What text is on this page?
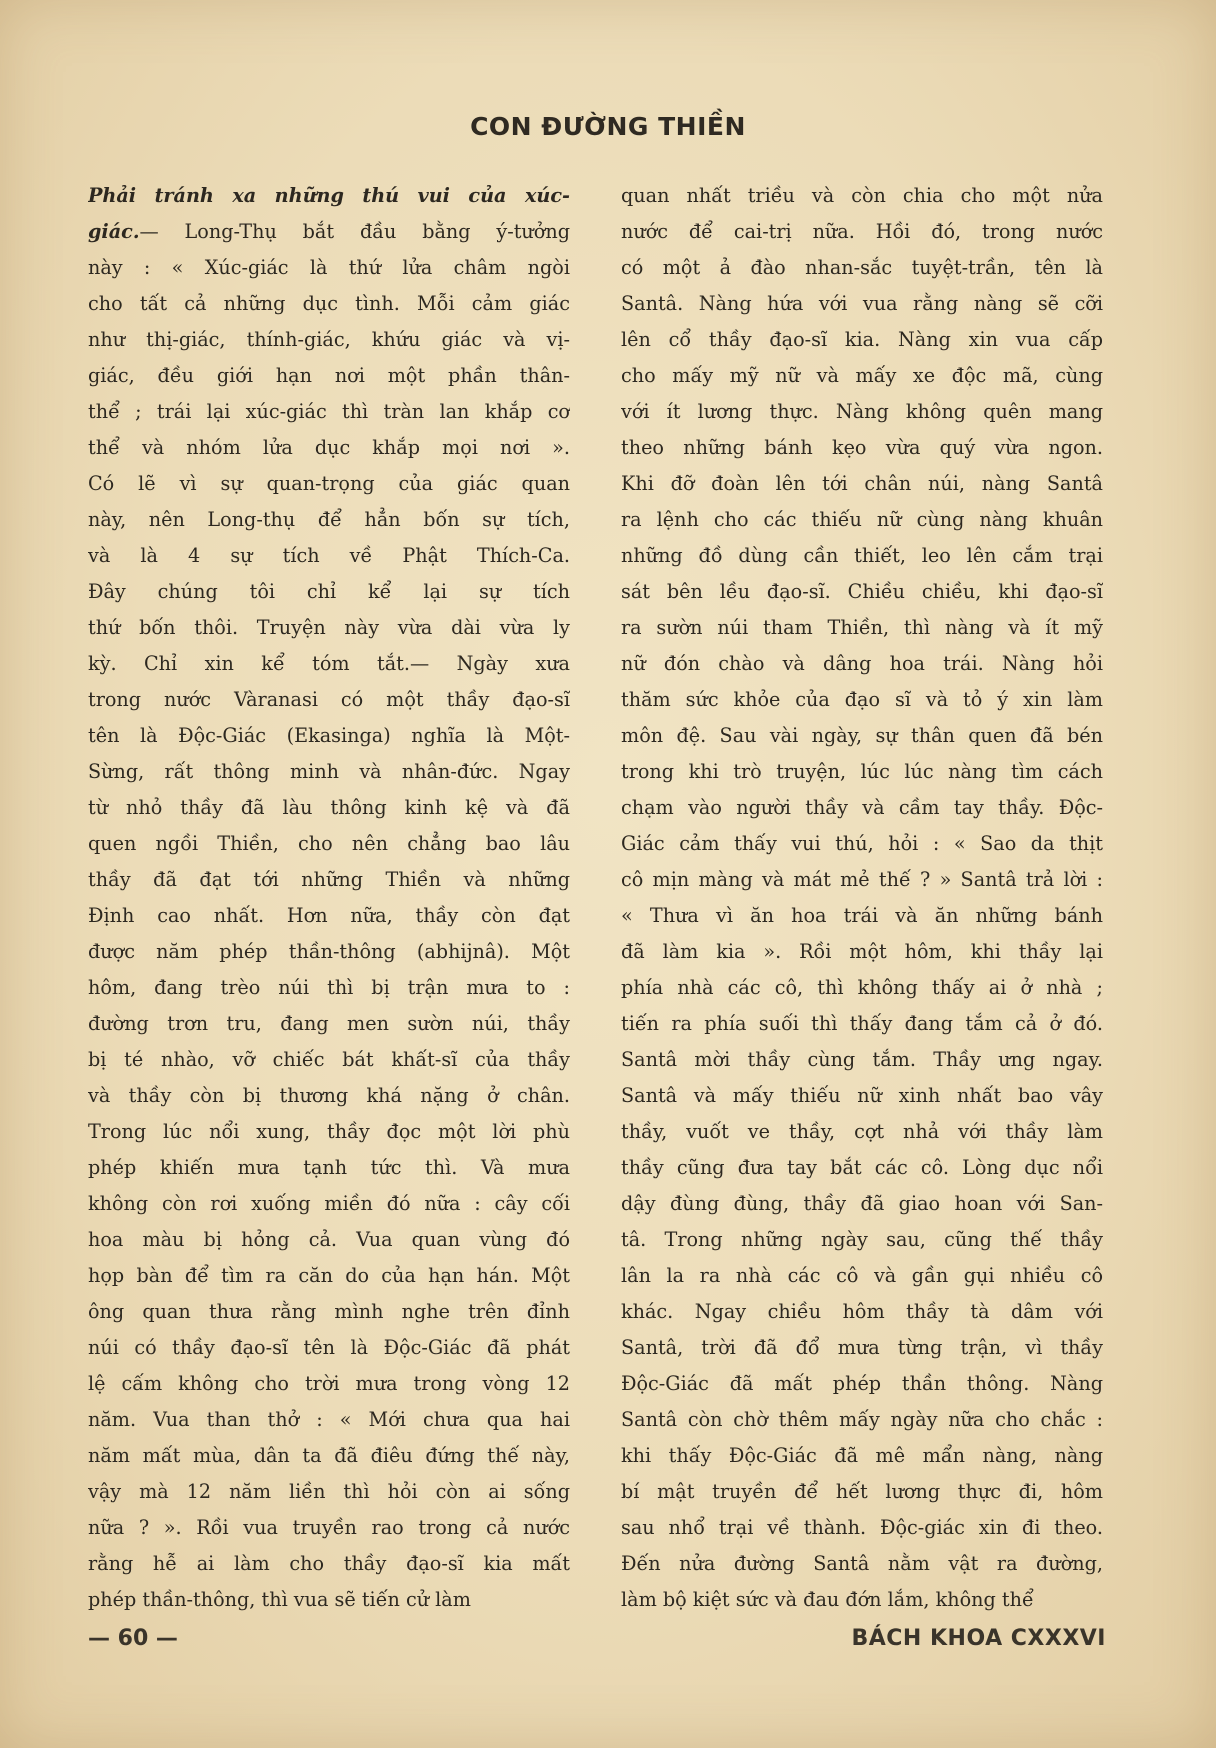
CON ĐƯỜNG THIỀN
Phải tránh xa những thú vui của xúc-
giác.— Long-Thụ bắt đầu bằng ý-tưởng
này : « Xúc-giác là thứ lửa châm ngòi
cho tất cả những dục tình. Mỗi cảm giác
như thị-giác, thính-giác, khứu giác và vị-
giác, đều giới hạn nơi một phần thân-
thể ; trái lại xúc-giác thì tràn lan khắp cơ
thể và nhóm lửa dục khắp mọi nơi ».
Có lẽ vì sự quan-trọng của giác quan
này, nên Long-thụ để hẳn bốn sự tích,
và là 4 sự tích về Phật Thích-Ca.
Đây chúng tôi chỉ kể lại sự tích
thứ bốn thôi. Truyện này vừa dài vừa ly
kỳ. Chỉ xin kể tóm tắt.— Ngày xưa
trong nước Vàranasi có một thầy đạo-sĩ
tên là Độc-Giác (Ekasinga) nghĩa là Một-
Sừng, rất thông minh và nhân-đức. Ngay
từ nhỏ thầy đã làu thông kinh kệ và đã
quen ngồi Thiền, cho nên chẳng bao lâu
thầy đã đạt tới những Thiền và những
Định cao nhất. Hơn nữa, thầy còn đạt
được năm phép thần-thông (abhijnâ). Một
hôm, đang trèo núi thì bị trận mưa to :
đường trơn tru, đang men sườn núi, thầy
bị té nhào, vỡ chiếc bát khất-sĩ của thầy
và thầy còn bị thương khá nặng ở chân.
Trong lúc nổi xung, thầy đọc một lời phù
phép khiến mưa tạnh tức thì. Và mưa
không còn rơi xuống miền đó nữa : cây cối
hoa màu bị hỏng cả. Vua quan vùng đó
họp bàn để tìm ra căn do của hạn hán. Một
ông quan thưa rằng mình nghe trên đỉnh
núi có thầy đạo-sĩ tên là Độc-Giác đã phát
lệ cấm không cho trời mưa trong vòng 12
năm. Vua than thở : « Mới chưa qua hai
năm mất mùa, dân ta đã điêu đứng thế này,
vậy mà 12 năm liền thì hỏi còn ai sống
nữa ? ». Rồi vua truyền rao trong cả nước
rằng hễ ai làm cho thầy đạo-sĩ kia mất
phép thần-thông, thì vua sẽ tiến cử làm
quan nhất triều và còn chia cho một nửa
nước để cai-trị nữa. Hồi đó, trong nước
có một ả đào nhan-sắc tuyệt-trần, tên là
Santâ. Nàng hứa với vua rằng nàng sẽ cỡi
lên cổ thầy đạo-sĩ kia. Nàng xin vua cấp
cho mấy mỹ nữ và mấy xe độc mã, cùng
với ít lương thực. Nàng không quên mang
theo những bánh kẹo vừa quý vừa ngon.
Khi đỡ đoàn lên tới chân núi, nàng Santâ
ra lệnh cho các thiếu nữ cùng nàng khuân
những đồ dùng cần thiết, leo lên cắm trại
sát bên lều đạo-sĩ. Chiều chiều, khi đạo-sĩ
ra sườn núi tham Thiền, thì nàng và ít mỹ
nữ đón chào và dâng hoa trái. Nàng hỏi
thăm sức khỏe của đạo sĩ và tỏ ý xin làm
môn đệ. Sau vài ngày, sự thân quen đã bén
trong khi trò truyện, lúc lúc nàng tìm cách
chạm vào người thầy và cầm tay thầy. Độc-
Giác cảm thấy vui thú, hỏi : « Sao da thịt
cô mịn màng và mát mẻ thế ? » Santâ trả lời :
« Thưa vì ăn hoa trái và ăn những bánh
đã làm kia ». Rồi một hôm, khi thầy lại
phía nhà các cô, thì không thấy ai ở nhà ;
tiến ra phía suối thì thấy đang tắm cả ở đó.
Santâ mời thầy cùng tắm. Thầy ưng ngay.
Santâ và mấy thiếu nữ xinh nhất bao vây
thầy, vuốt ve thầy, cợt nhả với thầy làm
thầy cũng đưa tay bắt các cô. Lòng dục nổi
dậy đùng đùng, thầy đã giao hoan với San-
tâ. Trong những ngày sau, cũng thế thầy
lân la ra nhà các cô và gần gụi nhiều cô
khác. Ngay chiều hôm thầy tà dâm với
Santâ, trời đã đổ mưa từng trận, vì thầy
Độc-Giác đã mất phép thần thông. Nàng
Santâ còn chờ thêm mấy ngày nữa cho chắc :
khi thấy Độc-Giác đã mê mẩn nàng, nàng
bí mật truyền để hết lương thực đi, hôm
sau nhổ trại về thành. Độc-giác xin đi theo.
Đến nửa đường Santâ nằm vật ra đường,
làm bộ kiệt sức và đau đớn lắm, không thể
— 60 —	BÁCH KHOA CXXXVI
